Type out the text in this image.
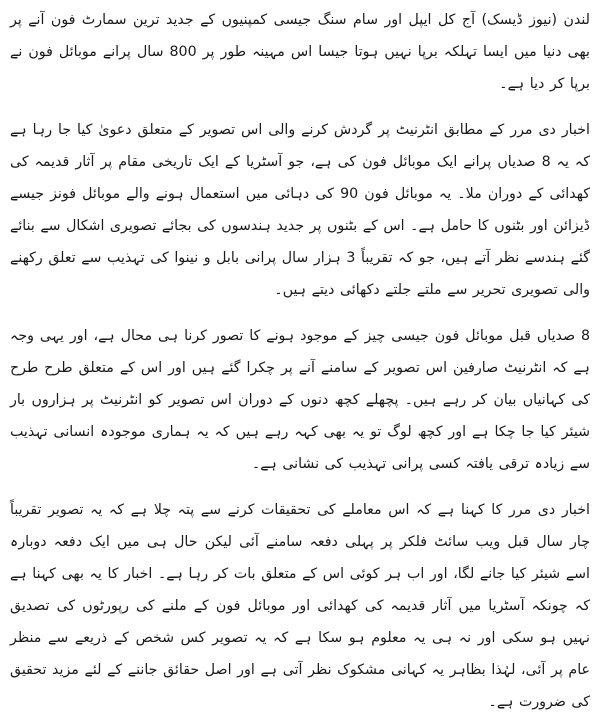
لندن (نیوز ڈیسک) آج کل ایپل اور سام سنگ جیسی کمپنیوں کے جدید ترین سمارٹ فون آنے پر بھی دنیا میں ایسا تہلکہ برپا نہیں ہوتا جیسا اس مہینہ طور پر 800 سال پرانے موبائل فون نے برپا کر دیا ہے۔

اخبار دی مرر کے مطابق انٹرنیٹ پر گردش کرنے والی اس تصویر کے متعلق دعویٰ کیا جا رہا ہے کہ یہ 8 صدیاں پرانے ایک موبائل فون کی ہے، جو آسٹریا کے ایک تاریخی مقام پر آثار قدیمہ کی کھدائی کے دوران ملا۔ یہ موبائل فون 90 کی دہائی میں استعمال ہونے والے موبائل فونز جیسے ڈیزائن اور بٹنوں کا حامل ہے۔ اس کے بٹنوں پر جدید ہندسوں کی بجائے تصویری اشکال سے بنائے گئے ہندسے نظر آتے ہیں، جو کہ تقریباً 3 ہزار سال پرانی بابل و نینوا کی تہذیب سے تعلق رکھنے والی تصویری تحریر سے ملتے جلتے دکھائی دیتے ہیں۔

8 صدیاں قبل موبائل فون جیسی چیز کے موجود ہونے کا تصور کرنا ہی محال ہے، اور یہی وجہ ہے کہ انٹرنیٹ صارفین اس تصویر کے سامنے آنے پر چکرا گئے ہیں اور اس کے متعلق طرح طرح کی کہانیاں بیان کر رہے ہیں۔ پچھلے کچھ دنوں کے دوران اس تصویر کو انٹرنیٹ پر ہزاروں بار شیئر کیا جا چکا ہے اور کچھ لوگ تو یہ بھی کہہ رہے ہیں کہ یہ ہماری موجودہ انسانی تہذیب سے زیادہ ترقی یافتہ کسی پرانی تہذیب کی نشانی ہے۔

اخبار دی مرر کا کہنا ہے کہ اس معاملے کی تحقیقات کرنے سے پتہ چلا ہے کہ یہ تصویر تقریباً چار سال قبل ویب سائٹ فلکر پر پہلی دفعہ سامنے آئی لیکن حال ہی میں ایک دفعہ دوبارہ اسے شیئر کیا جانے لگا، اور اب ہر کوئی اس کے متعلق بات کر رہا ہے۔ اخبار کا یہ بھی کہنا ہے کہ چونکہ آسٹریا میں آثار قدیمہ کی کھدائی اور موبائل فون کے ملنے کی رپورٹوں کی تصدیق نہیں ہو سکی اور نہ ہی یہ معلوم ہو سکا ہے کہ یہ تصویر کس شخص کے ذریعے سے منظر عام پر آئی، لہٰذا بظاہر یہ کہانی مشکوک نظر آتی ہے اور اصل حقائق جاننے کے لئے مزید تحقیق کی ضرورت ہے۔
